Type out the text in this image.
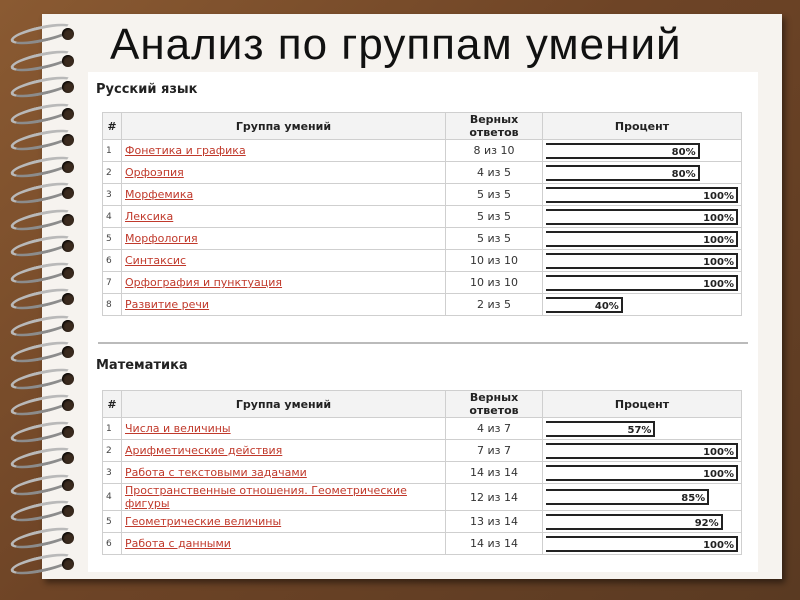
Анализ по группам умений
Русский язык
#	Группа умений	Верных ответов	Процент
1	Фонетика и графика	8 из 10	80%

2	Орфоэпия	4 из 5	80%

3	Морфемика	5 из 5	100%

4	Лексика	5 из 5	100%

5	Морфология	5 из 5	100%

6	Синтаксис	10 из 10	100%

7	Орфография и пунктуация	10 из 10	100%

8	Развитие речи	2 из 5	40%
Математика
#	Группа умений	Верных ответов	Процент
1	Числа и величины	4 из 7	57%

2	Арифметические действия	7 из 7	100%

3	Работа с текстовыми задачами	14 из 14	100%

4	Пространственные отношения. Геометрические фигуры	12 из 14	85%

5	Геометрические величины	13 из 14	92%

6	Работа с данными	14 из 14	100%
